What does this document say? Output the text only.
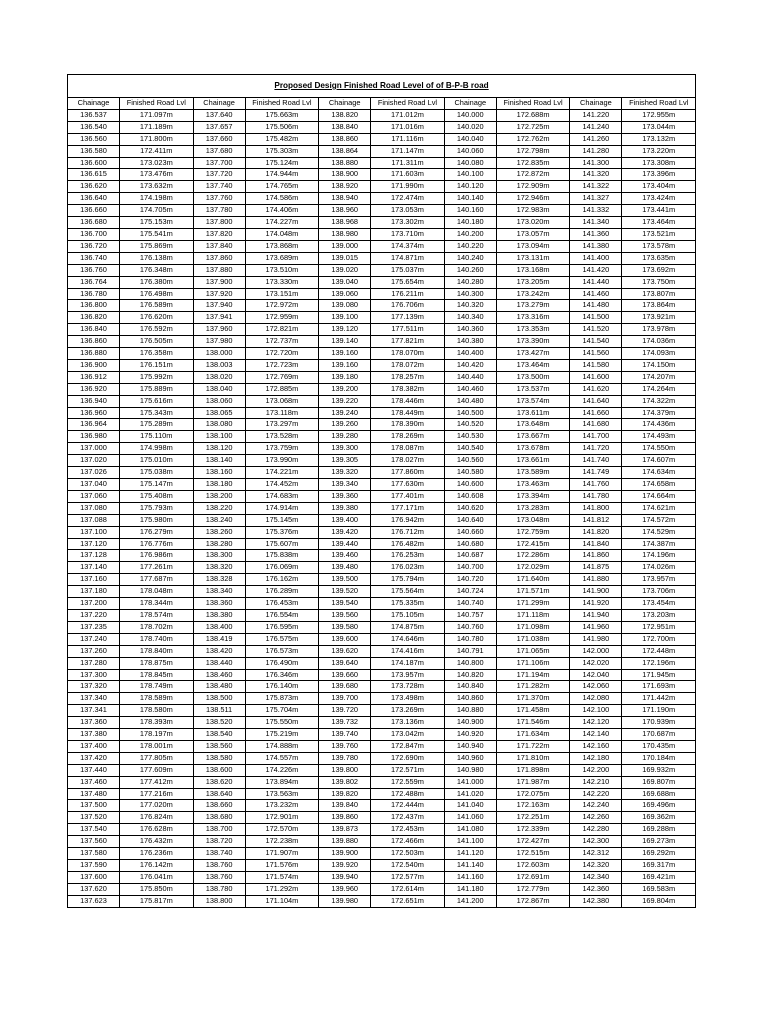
Proposed Design Finished Road Level of of B-P-B road									
Chainage	Finished Road Lvl	Chainage	Finished Road Lvl	Chainage	Finished Road Lvl	Chainage	Finished Road Lvl	Chainage	Finished Road Lvl
136.537	171.097m	137.640	175.663m	138.820	171.012m	140.000	172.688m	141.220	172.955m
136.540	171.189m	137.657	175.506m	138.840	171.016m	140.020	172.725m	141.240	173.044m
136.560	171.800m	137.660	175.482m	138.860	171.116m	140.040	172.762m	141.260	173.132m
136.580	172.411m	137.680	175.303m	138.864	171.147m	140.060	172.798m	141.280	173.220m
136.600	173.023m	137.700	175.124m	138.880	171.311m	140.080	172.835m	141.300	173.308m
136.615	173.476m	137.720	174.944m	138.900	171.603m	140.100	172.872m	141.320	173.396m
136.620	173.632m	137.740	174.765m	138.920	171.990m	140.120	172.909m	141.322	173.404m
136.640	174.198m	137.760	174.586m	138.940	172.474m	140.140	172.946m	141.327	173.424m
136.660	174.705m	137.780	174.406m	138.960	173.053m	140.160	172.983m	141.332	173.441m
136.680	175.153m	137.800	174.227m	138.968	173.302m	140.180	173.020m	141.340	173.464m
136.700	175.541m	137.820	174.048m	138.980	173.710m	140.200	173.057m	141.360	173.521m
136.720	175.869m	137.840	173.868m	139.000	174.374m	140.220	173.094m	141.380	173.578m
136.740	176.138m	137.860	173.689m	139.015	174.871m	140.240	173.131m	141.400	173.635m
136.760	176.348m	137.880	173.510m	139.020	175.037m	140.260	173.168m	141.420	173.692m
136.764	176.380m	137.900	173.330m	139.040	175.654m	140.280	173.205m	141.440	173.750m
136.780	176.498m	137.920	173.151m	139.060	176.211m	140.300	173.242m	141.460	173.807m
136.800	176.589m	137.940	172.972m	139.080	176.706m	140.320	173.279m	141.480	173.864m
136.820	176.620m	137.941	172.959m	139.100	177.139m	140.340	173.316m	141.500	173.921m
136.840	176.592m	137.960	172.821m	139.120	177.511m	140.360	173.353m	141.520	173.978m
136.860	176.505m	137.980	172.737m	139.140	177.821m	140.380	173.390m	141.540	174.036m
136.880	176.358m	138.000	172.720m	139.160	178.070m	140.400	173.427m	141.560	174.093m
136.900	176.151m	138.003	172.723m	139.160	178.072m	140.420	173.464m	141.580	174.150m
136.912	175.992m	138.020	172.769m	139.180	178.257m	140.440	173.500m	141.600	174.207m
136.920	175.889m	138.040	172.885m	139.200	178.382m	140.460	173.537m	141.620	174.264m
136.940	175.616m	138.060	173.068m	139.220	178.446m	140.480	173.574m	141.640	174.322m
136.960	175.343m	138.065	173.118m	139.240	178.449m	140.500	173.611m	141.660	174.379m
136.964	175.289m	138.080	173.297m	139.260	178.390m	140.520	173.648m	141.680	174.436m
136.980	175.110m	138.100	173.528m	139.280	178.269m	140.530	173.667m	141.700	174.493m
137.000	174.998m	138.120	173.759m	139.300	178.087m	140.540	173.678m	141.720	174.550m
137.020	175.010m	138.140	173.990m	139.305	178.027m	140.560	173.661m	141.740	174.607m
137.026	175.038m	138.160	174.221m	139.320	177.860m	140.580	173.589m	141.749	174.634m
137.040	175.147m	138.180	174.452m	139.340	177.630m	140.600	173.463m	141.760	174.658m
137.060	175.408m	138.200	174.683m	139.360	177.401m	140.608	173.394m	141.780	174.664m
137.080	175.793m	138.220	174.914m	139.380	177.171m	140.620	173.283m	141.800	174.621m
137.088	175.980m	138.240	175.145m	139.400	176.942m	140.640	173.048m	141.812	174.572m
137.100	176.279m	138.260	175.376m	139.420	176.712m	140.660	172.759m	141.820	174.529m
137.120	176.776m	138.280	175.607m	139.440	176.482m	140.680	172.415m	141.840	174.387m
137.128	176.986m	138.300	175.838m	139.460	176.253m	140.687	172.286m	141.860	174.196m
137.140	177.261m	138.320	176.069m	139.480	176.023m	140.700	172.029m	141.875	174.026m
137.160	177.687m	138.328	176.162m	139.500	175.794m	140.720	171.640m	141.880	173.957m
137.180	178.048m	138.340	176.289m	139.520	175.564m	140.724	171.571m	141.900	173.706m
137.200	178.344m	138.360	176.453m	139.540	175.335m	140.740	171.299m	141.920	173.454m
137.220	178.574m	138.380	176.554m	139.560	175.105m	140.757	171.118m	141.940	173.203m
137.235	178.702m	138.400	176.595m	139.580	174.875m	140.760	171.098m	141.960	172.951m
137.240	178.740m	138.419	176.575m	139.600	174.646m	140.780	171.038m	141.980	172.700m
137.260	178.840m	138.420	176.573m	139.620	174.416m	140.791	171.065m	142.000	172.448m
137.280	178.875m	138.440	176.490m	139.640	174.187m	140.800	171.106m	142.020	172.196m
137.300	178.845m	138.460	176.346m	139.660	173.957m	140.820	171.194m	142.040	171.945m
137.320	178.749m	138.480	176.140m	139.680	173.728m	140.840	171.282m	142.060	171.693m
137.340	178.589m	138.500	175.873m	139.700	173.498m	140.860	171.370m	142.080	171.442m
137.341	178.580m	138.511	175.704m	139.720	173.269m	140.880	171.458m	142.100	171.190m
137.360	178.393m	138.520	175.550m	139.732	173.136m	140.900	171.546m	142.120	170.939m
137.380	178.197m	138.540	175.219m	139.740	173.042m	140.920	171.634m	142.140	170.687m
137.400	178.001m	138.560	174.888m	139.760	172.847m	140.940	171.722m	142.160	170.435m
137.420	177.805m	138.580	174.557m	139.780	172.690m	140.960	171.810m	142.180	170.184m
137.440	177.609m	138.600	174.226m	139.800	172.571m	140.980	171.898m	142.200	169.932m
137.460	177.412m	138.620	173.894m	139.802	172.559m	141.000	171.987m	142.210	169.807m
137.480	177.216m	138.640	173.563m	139.820	172.488m	141.020	172.075m	142.220	169.688m
137.500	177.020m	138.660	173.232m	139.840	172.444m	141.040	172.163m	142.240	169.496m
137.520	176.824m	138.680	172.901m	139.860	172.437m	141.060	172.251m	142.260	169.362m
137.540	176.628m	138.700	172.570m	139.873	172.453m	141.080	172.339m	142.280	169.288m
137.560	176.432m	138.720	172.238m	139.880	172.466m	141.100	172.427m	142.300	169.273m
137.580	176.236m	138.740	171.907m	139.900	172.503m	141.120	172.515m	142.312	169.292m
137.590	176.142m	138.760	171.576m	139.920	172.540m	141.140	172.603m	142.320	169.317m
137.600	176.041m	138.760	171.574m	139.940	172.577m	141.160	172.691m	142.340	169.421m
137.620	175.850m	138.780	171.292m	139.960	172.614m	141.180	172.779m	142.360	169.583m
137.623	175.817m	138.800	171.104m	139.980	172.651m	141.200	172.867m	142.380	169.804m
